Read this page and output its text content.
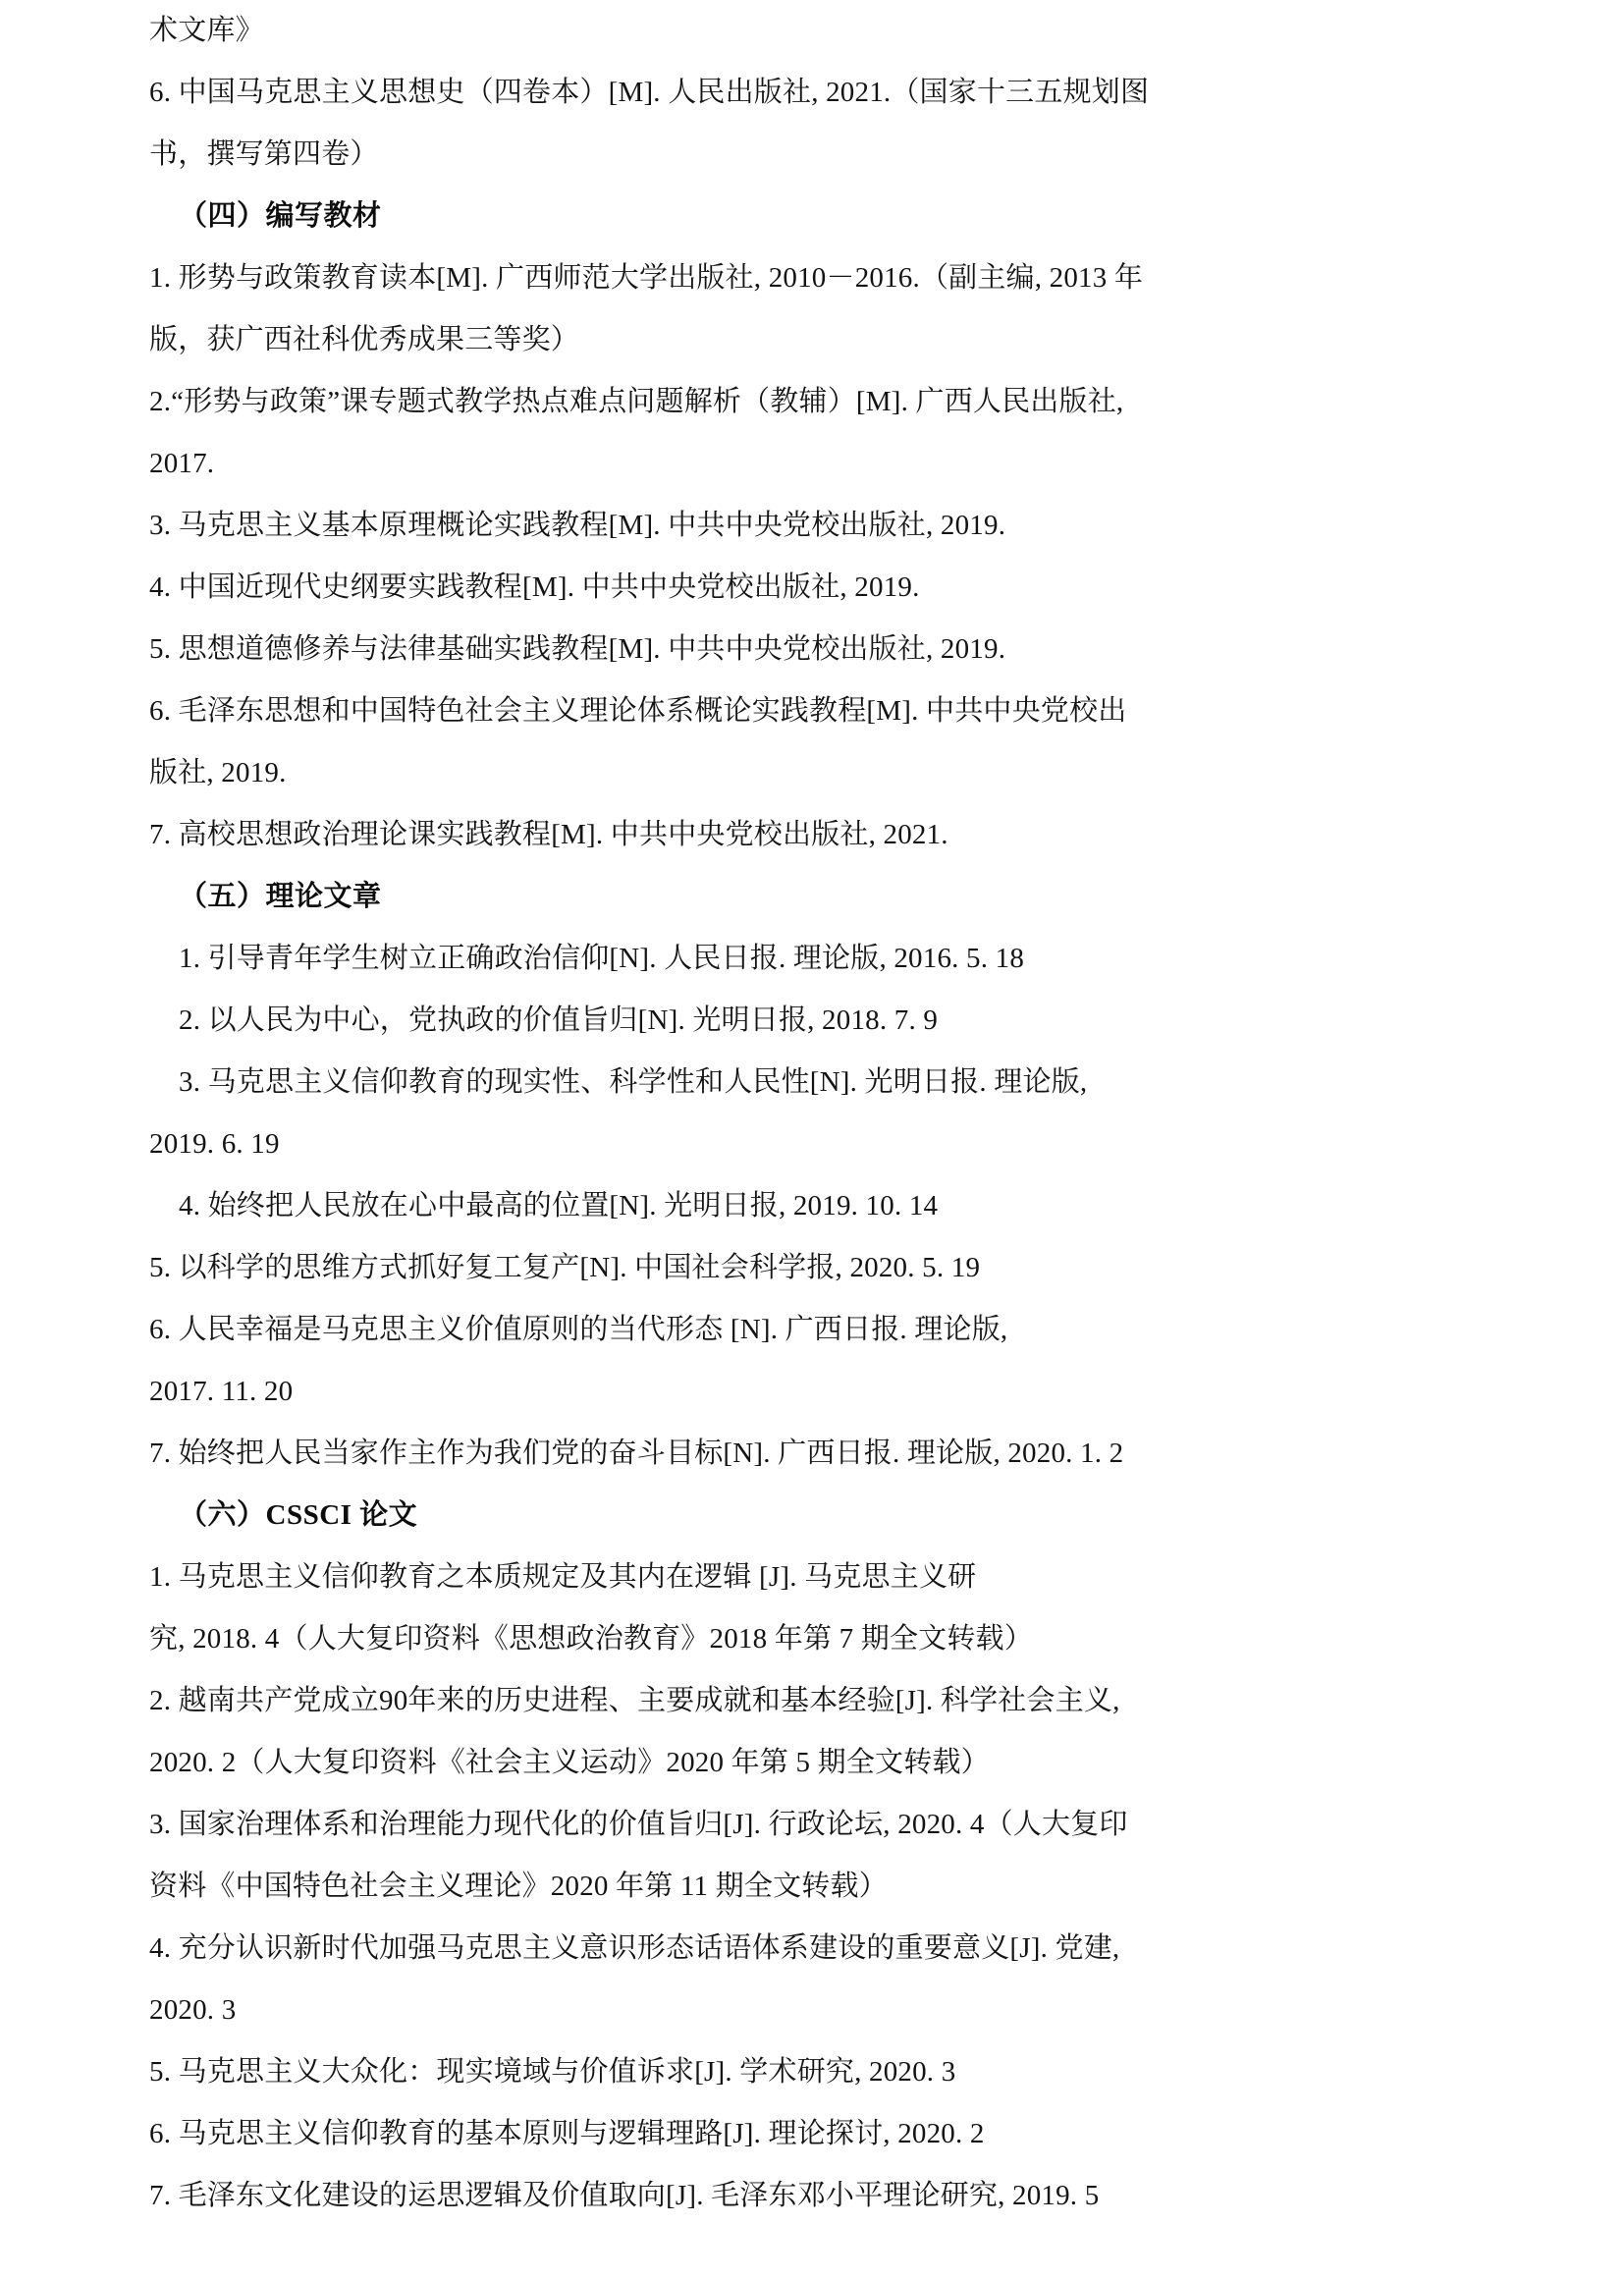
术文库》

6. 中国马克思主义思想史（四卷本）[M]. 人民出版社, 2021.（国家十三五规划图

书，撰写第四卷）

（四）编写教材

1. 形势与政策教育读本[M]. 广西师范大学出版社, 2010－2016.（副主编, 2013 年

版，获广西社科优秀成果三等奖）

2.“形势与政策”课专题式教学热点难点问题解析（教辅）[M]. 广西人民出版社,

2017.

3. 马克思主义基本原理概论实践教程[M]. 中共中央党校出版社, 2019.

4. 中国近现代史纲要实践教程[M]. 中共中央党校出版社, 2019.

5. 思想道德修养与法律基础实践教程[M]. 中共中央党校出版社, 2019.

6. 毛泽东思想和中国特色社会主义理论体系概论实践教程[M]. 中共中央党校出

版社, 2019.

7. 高校思想政治理论课实践教程[M]. 中共中央党校出版社, 2021.

（五）理论文章

1. 引导青年学生树立正确政治信仰[N]. 人民日报. 理论版, 2016. 5. 18

2. 以人民为中心，党执政的价值旨归[N]. 光明日报, 2018. 7. 9

3. 马克思主义信仰教育的现实性、科学性和人民性[N]. 光明日报. 理论版,

2019. 6. 19

4. 始终把人民放在心中最高的位置[N]. 光明日报, 2019. 10. 14

5. 以科学的思维方式抓好复工复产[N]. 中国社会科学报, 2020. 5. 19

6. 人民幸福是马克思主义价值原则的当代形态 [N]. 广西日报. 理论版,

2017. 11. 20

7. 始终把人民当家作主作为我们党的奋斗目标[N]. 广西日报. 理论版, 2020. 1. 2

（六）CSSCI 论文

1. 马克思主义信仰教育之本质规定及其内在逻辑 [J]. 马克思主义研

究, 2018. 4（人大复印资料《思想政治教育》2018 年第 7 期全文转载）

2. 越南共产党成立90年来的历史进程、主要成就和基本经验[J]. 科学社会主义,

2020. 2（人大复印资料《社会主义运动》2020 年第 5 期全文转载）

3. 国家治理体系和治理能力现代化的价值旨归[J]. 行政论坛, 2020. 4（人大复印

资料《中国特色社会主义理论》2020 年第 11 期全文转载）

4. 充分认识新时代加强马克思主义意识形态话语体系建设的重要意义[J]. 党建,

2020. 3

5. 马克思主义大众化：现实境域与价值诉求[J]. 学术研究, 2020. 3

6. 马克思主义信仰教育的基本原则与逻辑理路[J]. 理论探讨, 2020. 2

7. 毛泽东文化建设的运思逻辑及价值取向[J]. 毛泽东邓小平理论研究, 2019. 5
